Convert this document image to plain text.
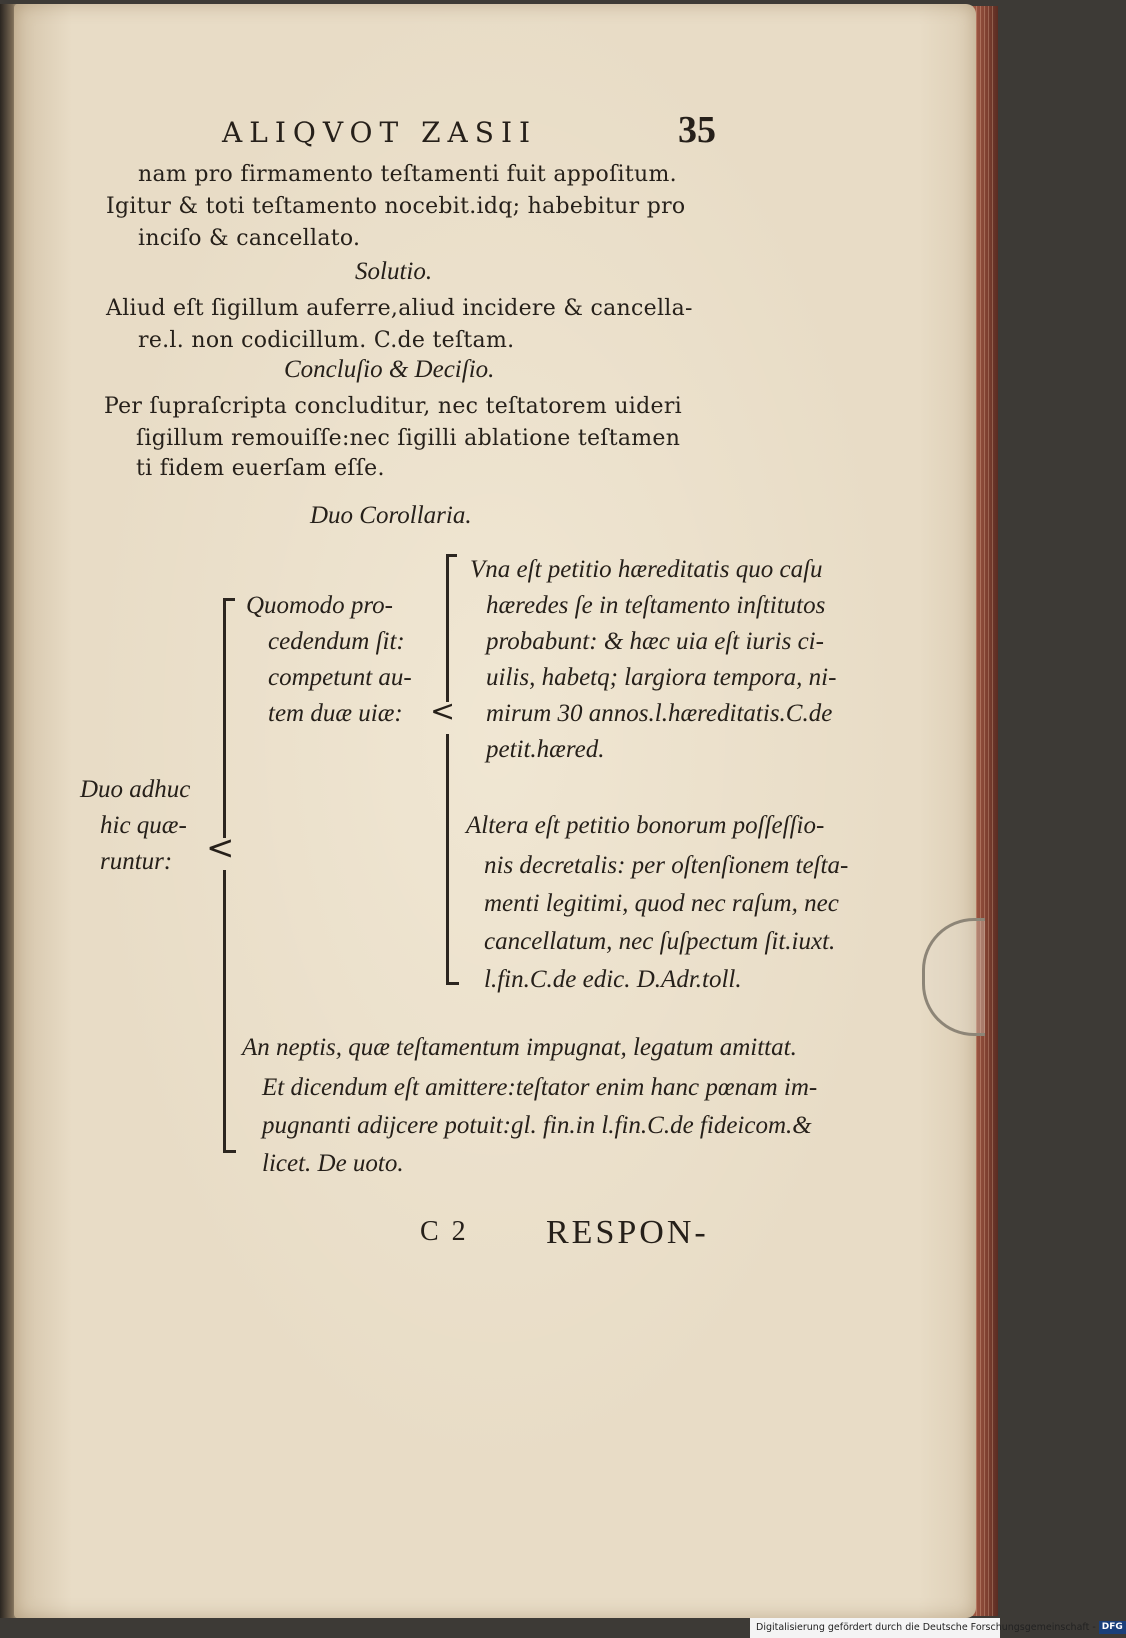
ALIQVOT ZASII	35
nam pro firmamento teſtamenti fuit appoſitum.
Igitur & toti teſtamento nocebit.idq; habebitur pro
inciſo & cancellato.
Solutio.
Aliud eſt ſigillum auferre,aliud incidere & cancella-
re.l. non codicillum. C.de teſtam.
Concluſio & Deciſio.
Per ſupraſcripta concluditur, nec teſtatorem uideri
ſigillum remouiſſe:nec ſigilli ablatione teſtamen
ti fidem euerſam eſſe.
Duo Corollaria.
Duo adhuc
hic quæ-
runtur: <
Quomodo pro-
cedendum ſit:
competunt au-
tem duæ uiæ: <
Vna eſt petitio hæreditatis quo caſu
hæredes ſe in teſtamento inſtitutos
probabunt: & hæc uia eſt iuris ci-
uilis, habetq; largiora tempora, ni-
mirum 30 annos.l.hæreditatis.C.de
petit.hæred.
Altera eſt petitio bonorum poſſeſſio-
nis decretalis: per oſtenſionem teſta-
menti legitimi, quod nec raſum, nec
cancellatum, nec ſuſpectum ſit.iuxt.
l.fin.C.de edic. D.Adr.toll.
An neptis, quæ teſtamentum impugnat, legatum amittat.
Et dicendum eſt amittere:teſtator enim hanc pœnam im-
pugnanti adijcere potuit:gl. fin.in l.fin.C.de fideicom.&
licet. De uoto.
C 2 RESPON-
Digitalisierung gefördert durch die Deutsche Forschungsgemeinschaft - DFG
